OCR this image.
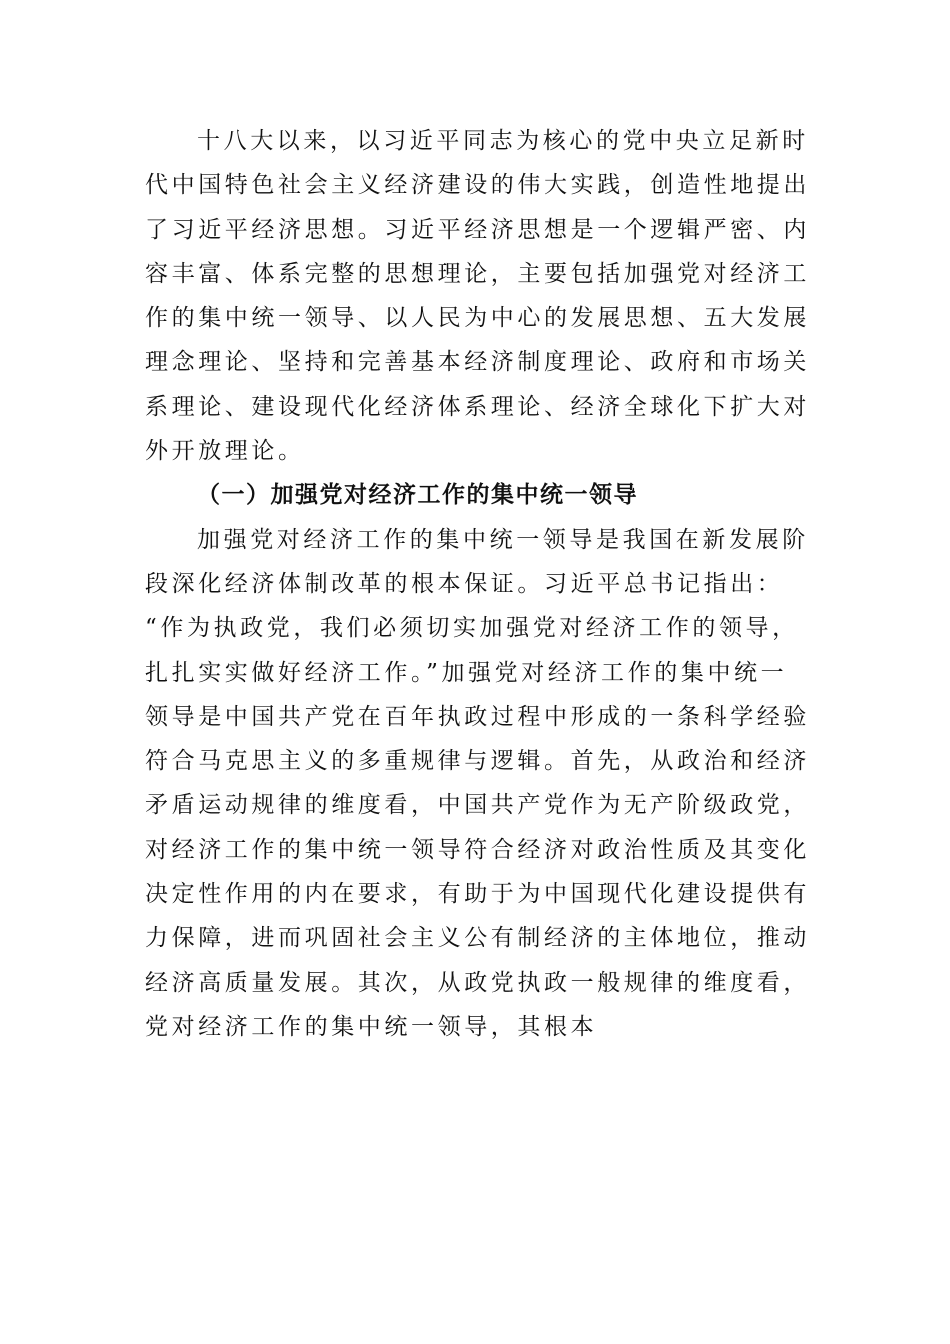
十八大以来，以习近平同志为核心的党中央立足新时
代中国特色社会主义经济建设的伟大实践，创造性地提出
了习近平经济思想。习近平经济思想是一个逻辑严密、内
容丰富、体系完整的思想理论，主要包括加强党对经济工
作的集中统一领导、以人民为中心的发展思想、五大发展
理念理论、坚持和完善基本经济制度理论、政府和市场关
系理论、建设现代化经济体系理论、经济全球化下扩大对
外开放理论。
（一）加强党对经济工作的集中统一领导
加强党对经济工作的集中统一领导是我国在新发展阶
段深化经济体制改革的根本保证。习近平总书记指出：
“作为执政党，我们必须切实加强党对经济工作的领导，
扎扎实实做好经济工作。”加强党对经济工作的集中统一
领导是中国共产党在百年执政过程中形成的一条科学经验
符合马克思主义的多重规律与逻辑。首先，从政治和经济
矛盾运动规律的维度看，中国共产党作为无产阶级政党，
对经济工作的集中统一领导符合经济对政治性质及其变化
决定性作用的内在要求，有助于为中国现代化建设提供有
力保障，进而巩固社会主义公有制经济的主体地位，推动
经济高质量发展。其次，从政党执政一般规律的维度看，
党对经济工作的集中统一领导，其根本
